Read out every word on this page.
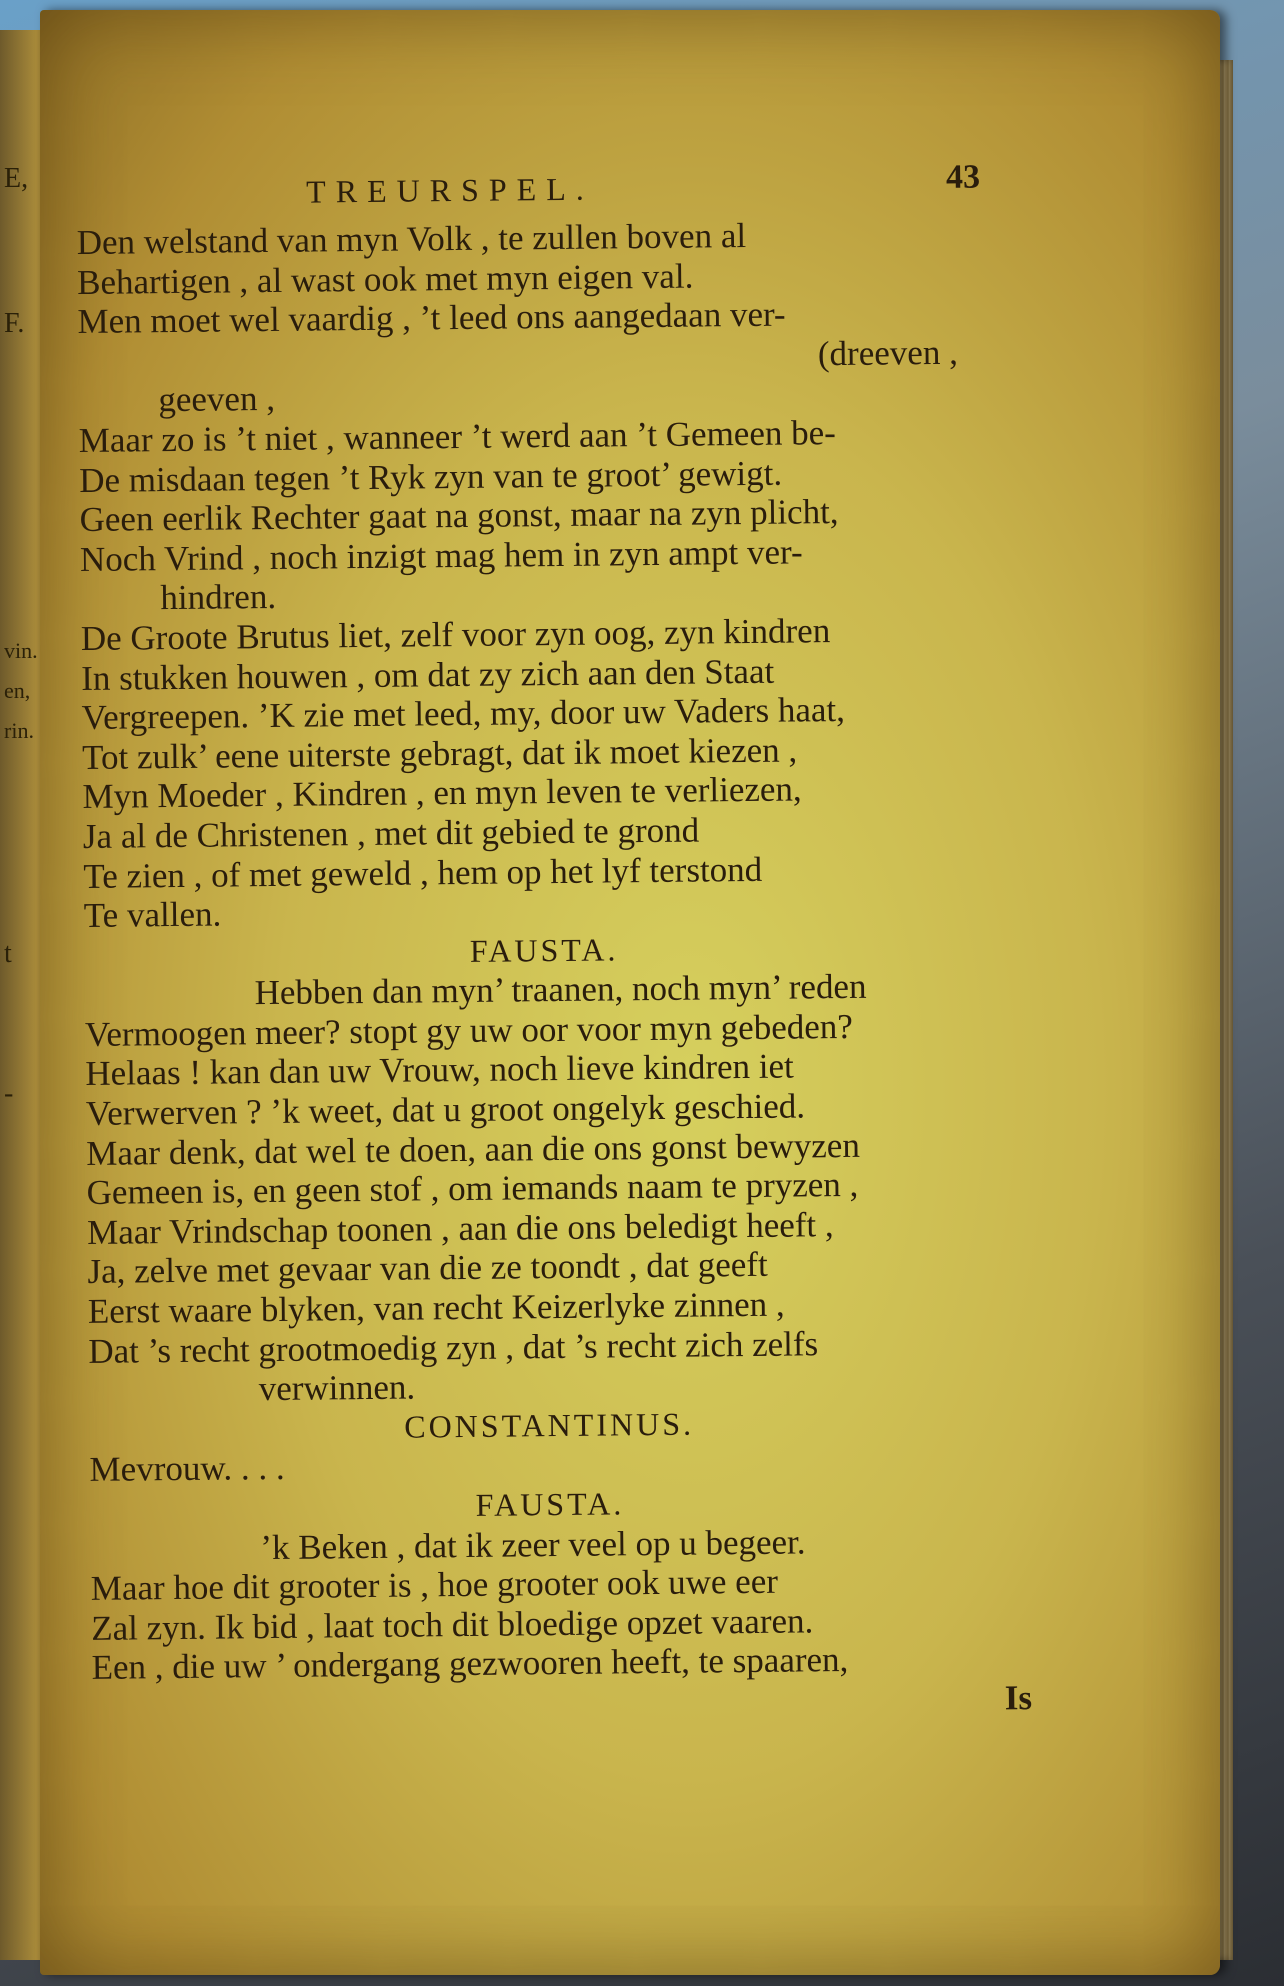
E,
F.
vin.
en,
rin.
t
-
TREURSPEL.	43
Den welstand van myn Volk , te zullen boven al
Behartigen , al wast ook met myn eigen val.
Men moet wel vaardig , ’t leed ons aangedaan ver-
(dreeven ,
geeven ,
Maar zo is ’t niet , wanneer ’t werd aan ’t Gemeen be-
De misdaan tegen ’t Ryk zyn van te groot’ gewigt.
Geen eerlik Rechter gaat na gonst, maar na zyn plicht,
Noch Vrind , noch inzigt mag hem in zyn ampt ver-
hindren.
De Groote Brutus liet, zelf voor zyn oog, zyn kindren
In stukken houwen , om dat zy zich aan den Staat
Vergreepen. ’K zie met leed, my, door uw Vaders haat,
Tot zulk’ eene uiterste gebragt, dat ik moet kiezen ,
Myn Moeder , Kindren , en myn leven te verliezen,
Ja al de Christenen , met dit gebied te grond
Te zien , of met geweld , hem op het lyf terstond
Te vallen.
FAUSTA.
Hebben dan myn’ traanen, noch myn’ reden
Vermoogen meer? stopt gy uw oor voor myn gebeden?
Helaas ! kan dan uw Vrouw, noch lieve kindren iet
Verwerven ? ’k weet, dat u groot ongelyk geschied.
Maar denk, dat wel te doen, aan die ons gonst bewyzen
Gemeen is, en geen stof , om iemands naam te pryzen ,
Maar Vrindschap toonen , aan die ons beledigt heeft ,
Ja, zelve met gevaar van die ze toondt , dat geeft
Eerst waare blyken, van recht Keizerlyke zinnen ,
Dat ’s recht grootmoedig zyn , dat ’s recht zich zelfs
verwinnen.
CONSTANTINUS.
Mevrouw. . . .
FAUSTA.
’k Beken , dat ik zeer veel op u begeer.
Maar hoe dit grooter is , hoe grooter ook uwe eer
Zal zyn. Ik bid , laat toch dit bloedige opzet vaaren.
Een , die uw ’ ondergang gezwooren heeft, te spaaren,
Is
